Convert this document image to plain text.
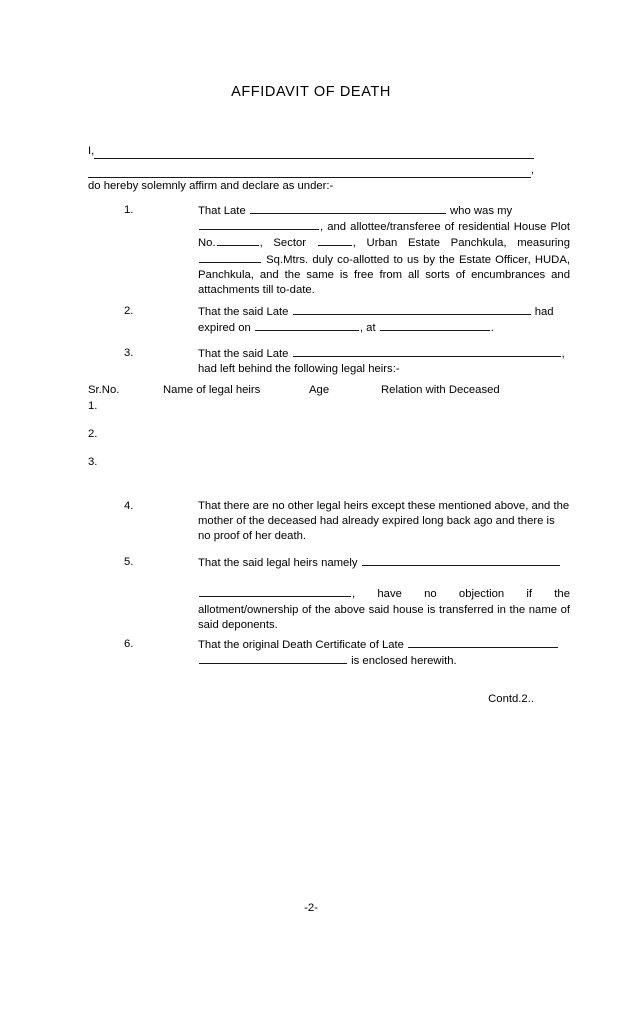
AFFIDAVIT OF DEATH
I,
,
do hereby solemnly affirm and declare as under:-
1.	That Late	who was my
, and allottee/transferee of residential House Plot No.	, Sector	, Urban Estate Panchkula, measuring  Sq.Mtrs. duly co-allotted to us by the Estate Officer, HUDA, Panchkula, and the same is free from all sorts of encumbrances and attachments till to-date.
2.	That the said Late	had expired on	, at	.
3.	That the said Late	, had left behind the following legal heirs:-
Sr.No.	Name of legal heirs	Age	Relation with Deceased
1.
2.
3.
4.	That there are no other legal heirs except these mentioned above, and the mother of the deceased had already expired long back ago and there is no proof of her death.
5.	That the said legal heirs namely

, have no objection if the allotment/ownership of the above said house is transferred in the name of said deponents.
6.	That the original Death Certificate of Late  is enclosed herewith.
Contd.2..
-2-
